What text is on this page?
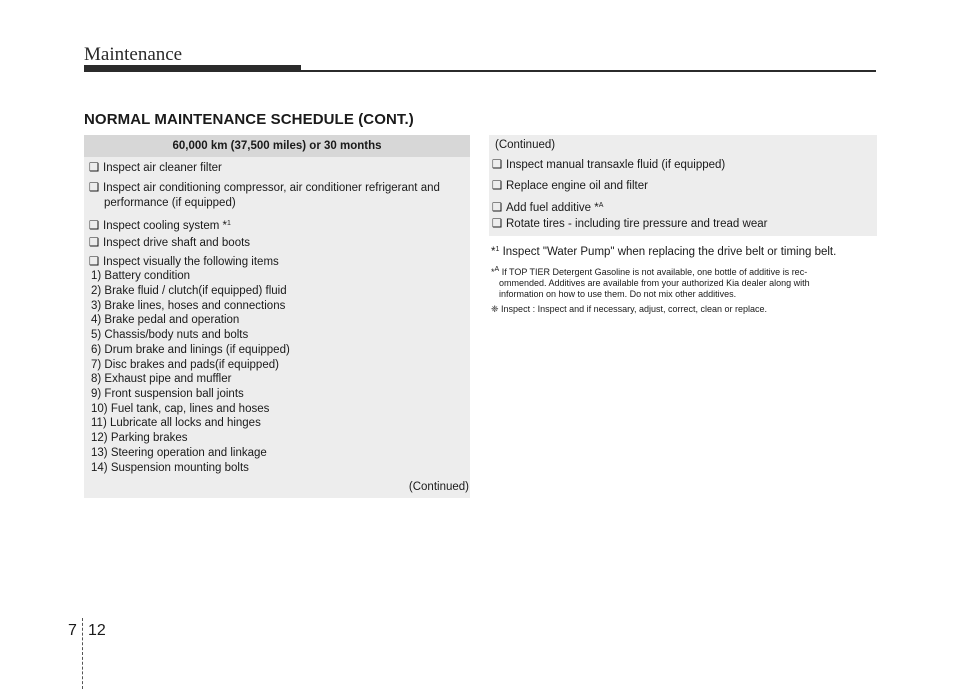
Maintenance
NORMAL MAINTENANCE SCHEDULE (CONT.)
60,000 km (37,500 miles) or 30 months
❑ Inspect air cleaner filter
❑ Inspect air conditioning compressor, air conditioner refrigerant and
performance (if equipped)
❑ Inspect cooling system *$^1$
❑ Inspect drive shaft and boots
❑ Inspect visually the following items
1) Battery condition
2) Brake fluid / clutch(if equipped) fluid
3) Brake lines, hoses and connections
4) Brake pedal and operation
5) Chassis/body nuts and bolts
6) Drum brake and linings (if equipped)
7) Disc brakes and pads(if equipped)
8) Exhaust pipe and muffler
9) Front suspension ball joints
10) Fuel tank, cap, lines and hoses
11) Lubricate all locks and hinges
12) Parking brakes
13) Steering operation and linkage
14) Suspension mounting bolts
(Continued)
(Continued)
❑ Inspect manual transaxle fluid (if equipped)
❑ Replace engine oil and filter
❑ Add fuel additive *$^A$
❑ Rotate tires - including tire pressure and tread wear
*$^1$ Inspect "Water Pump" when replacing the drive belt or timing belt.
*$^A$ If TOP TIER Detergent Gasoline is not available, one bottle of additive is rec-
ommended. Additives are available from your authorized Kia dealer along with
information on how to use them. Do not mix other additives.
❈ Inspect : Inspect and if necessary, adjust, correct, clean or replace.
7 12
